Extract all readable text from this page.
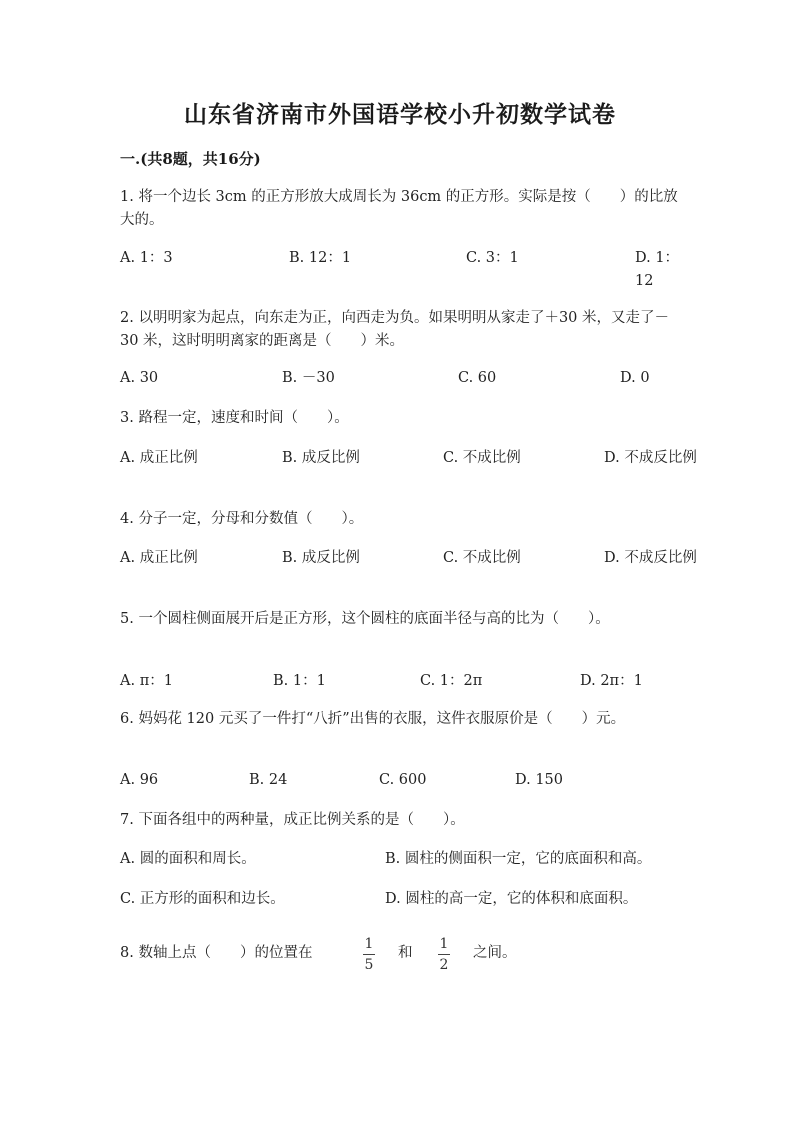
山东省济南市外国语学校小升初数学试卷
一.(共8题，共16分)
1. 将一个边长 3cm 的正方形放大成周长为 36cm 的正方形。实际是按（　　）的比放大的。
A. 1：3	B. 12：1	C. 3：1	D. 1：12
2. 以明明家为起点，向东走为正，向西走为负。如果明明从家走了＋30 米，又走了－30 米，这时明明离家的距离是（　　）米。
A. 30	B. －30	C. 60	D. 0
3. 路程一定，速度和时间（　　）。
A. 成正比例	B. 成反比例	C. 不成比例	D. 不成反比例
4. 分子一定，分母和分数值（　　）。
A. 成正比例	B. 成反比例	C. 不成比例	D. 不成反比例
5. 一个圆柱侧面展开后是正方形，这个圆柱的底面半径与高的比为（　　）。
A. π：1	B. 1：1	C. 1：2π	D. 2π：1
6. 妈妈花 120 元买了一件打“八折”出售的衣服，这件衣服原价是（　　）元。
A. 96	B. 24	C. 600	D. 150
7. 下面各组中的两种量，成正比例关系的是（　　）。
A. 圆的面积和周长。	B. 圆柱的侧面积一定，它的底面积和高。
C. 正方形的面积和边长。	D. 圆柱的高一定，它的体积和底面积。
8. 数轴上点（　　）的位置在
1
5
和
1
2
之间。
